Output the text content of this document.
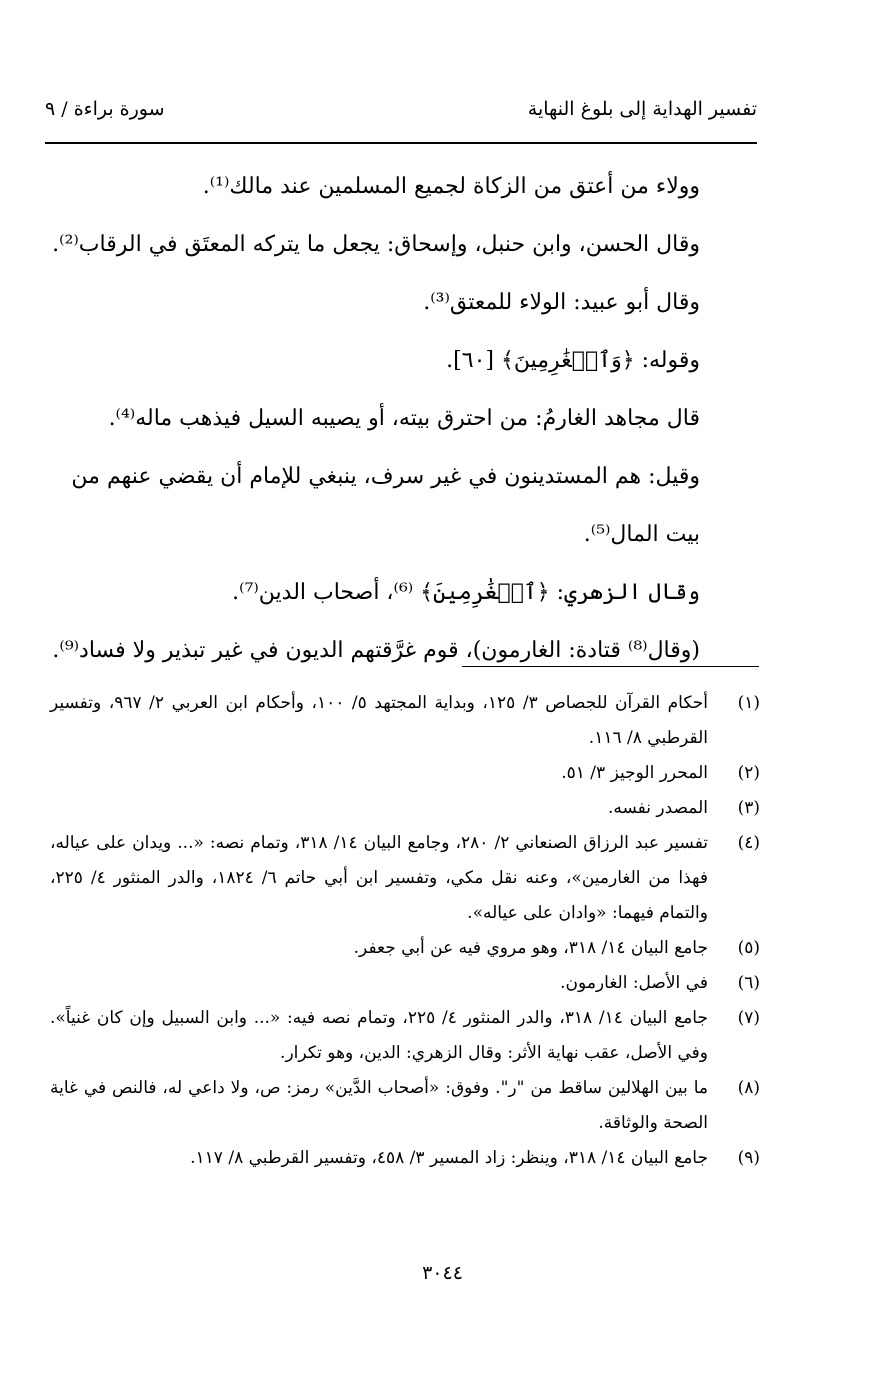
تفسير الهداية إلى بلوغ النهاية
سورة براءة / ٩

وولاء من أعتق من الزكاة لجميع المسلمين عند مالك⁽¹⁾.

وقال الحسن، وابن حنبل، وإسحاق: يجعل ما يتركه المعتَق في الرقاب⁽²⁾.

وقال أبو عبيد: الولاء للمعتق⁽³⁾.

وقوله: ﴿وَٱلۡغَٰرِمِينَ﴾ [٦٠].

قال مجاهد الغارمُ: من احترق بيته، أو يصيبه السيل فيذهب ماله⁽⁴⁾.

وقيل: هم المستدينون في غير سرف، ينبغي للإمام أن يقضي عنهم من بيت المال⁽⁵⁾.

وقال الزهري: ﴿ٱلۡغَٰرِمِينَ﴾ ⁽⁶⁾، أصحاب الدين⁽⁷⁾.

(وقال⁽⁸⁾ قتادة: الغارمون)، قوم غرَّقتهم الديون في غير تبذير ولا فساد⁽⁹⁾.

(١)
أحكام القرآن للجصاص ٣/ ١٢٥، وبداية المجتهد ٥/ ١٠٠، وأحكام ابن العربي ٢/ ٩٦٧، وتفسير القرطبي ٨/ ١١٦.
(٢)
المحرر الوجيز ٣/ ٥١.
(٣)
المصدر نفسه.
(٤)
تفسير عبد الرزاق الصنعاني ٢/ ٢٨٠، وجامع البيان ١٤/ ٣١٨، وتمام نصه: «... ويدان على عياله، فهذا من الغارمين»، وعنه نقل مكي، وتفسير ابن أبي حاتم ٦/ ١٨٢٤، والدر المنثور ٤/ ٢٢٥، والتمام فيهما: «وادان على عياله».
(٥)
جامع البيان ١٤/ ٣١٨، وهو مروي فيه عن أبي جعفر.
(٦)
في الأصل: الغارمون.
(٧)
جامع البيان ١٤/ ٣١٨، والدر المنثور ٤/ ٢٢٥، وتمام نصه فيه: «... وابن السبيل وإن كان غنياً». وفي الأصل، عقب نهاية الأثر: وقال الزهري: الدين، وهو تكرار.
(٨)
ما بين الهلالين ساقط من "ر". وفوق: «أصحاب الدَّين» رمز: ص، ولا داعي له، فالنص في غاية الصحة والوثاقة.
(٩)
جامع البيان ١٤/ ٣١٨، وينظر: زاد المسير ٣/ ٤٥٨، وتفسير القرطبي ٨/ ١١٧.
٣٠٤٤
